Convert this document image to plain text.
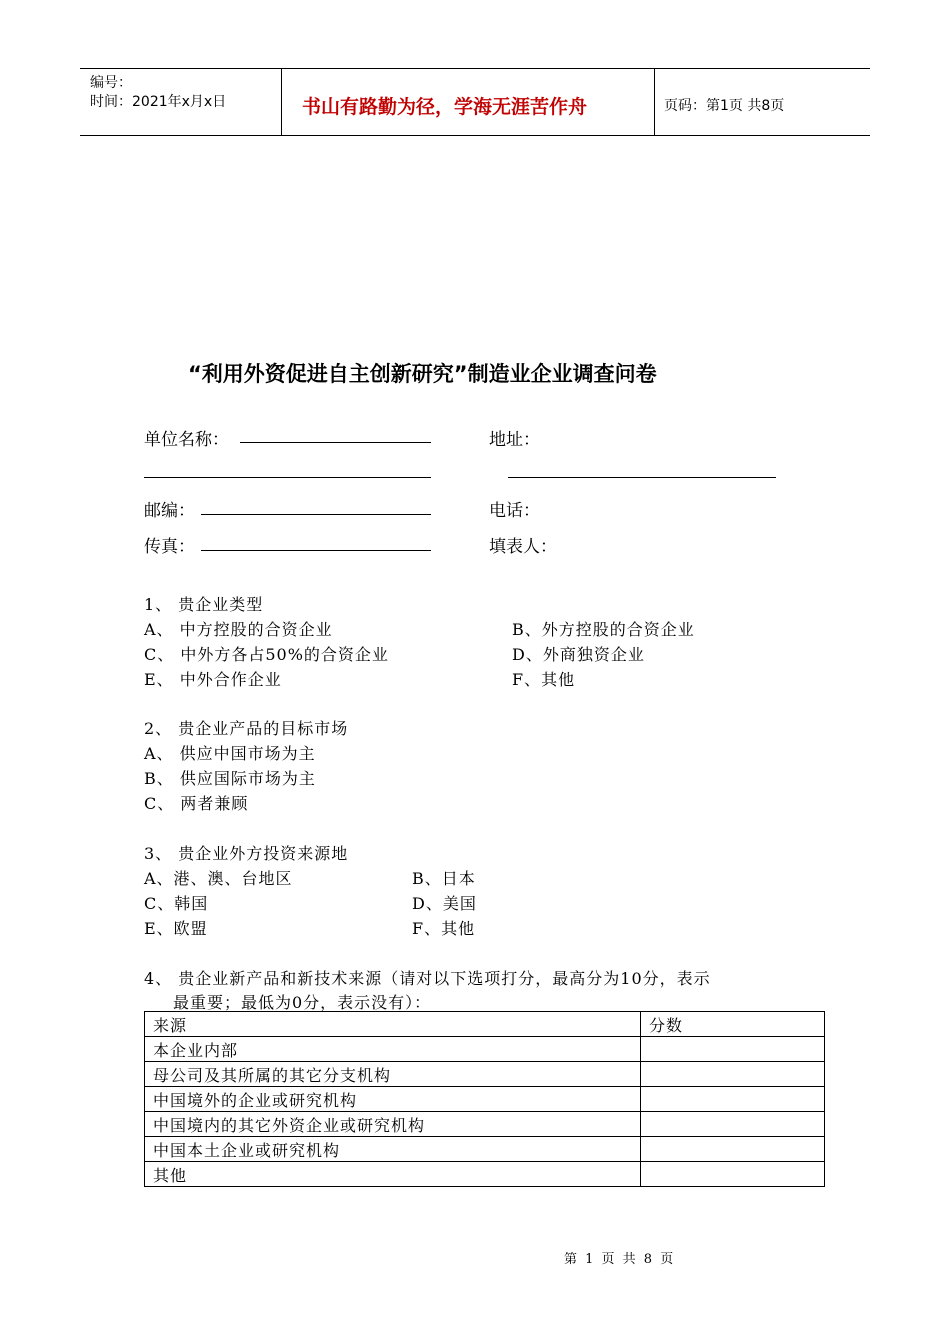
编号：
时间：2021年x月x日	书山有路勤为径，学海无涯苦作舟	页码：第1页 共8页
“利用外资促进自主创新研究”制造业企业调查问卷
单位名称：	地址：
邮编：	电话：
传真：	填表人：
1、 贵企业类型
A、 中方控股的合资企业	B、外方控股的合资企业
C、 中外方各占50%的合资企业	D、外商独资企业
E、 中外合作企业	F、其他
2、 贵企业产品的目标市场
A、 供应中国市场为主
B、 供应国际市场为主
C、 两者兼顾
3、 贵企业外方投资来源地
A、港、澳、台地区	B、日本
C、韩国	D、美国
E、欧盟	F、其他
4、 贵企业新产品和新技术来源（请对以下选项打分，最高分为10分，表示
最重要；最低为0分，表示没有）：
来源	分数
本企业内部	
母公司及其所属的其它分支机构	
中国境外的企业或研究机构	
中国境内的其它外资企业或研究机构	
中国本土企业或研究机构	
其他	
第 1 页 共 8 页
